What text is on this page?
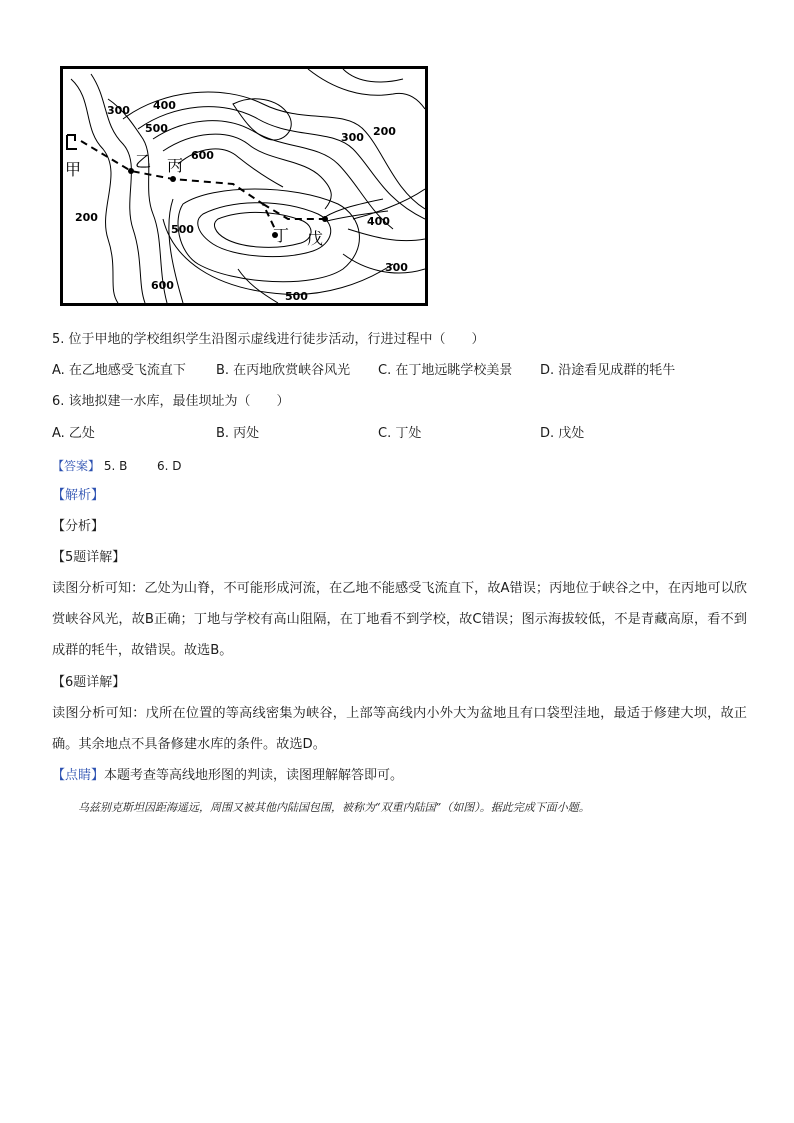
300 400
500
600
300 200
200
500
600
400
300
500
甲	乙 丙
丁 戊
5. 位于甲地的学校组织学生沿图示虚线进行徒步活动，行进过程中（　　）
A. 在乙地感受飞流直下 B. 在丙地欣赏峡谷风光 C. 在丁地远眺学校美景 D. 沿途看见成群的牦牛
6. 该地拟建一水库，最佳坝址为（　　）
A. 乙处	B. 丙处	C. 丁处	D. 戊处
【答案】 5. B 6. D
【解析】
【分析】
【5题详解】
读图分析可知：乙处为山脊，不可能形成河流，在乙地不能感受飞流直下，故A错误；丙地位于峡谷之中，在丙地可以欣赏峡谷风光，故B正确；丁地与学校有高山阻隔，在丁地看不到学校，故C错误；图示海拔较低，不是青藏高原，看不到成群的牦牛，故错误。故选B。
【6题详解】
读图分析可知：戊所在位置的等高线密集为峡谷，上部等高线内小外大为盆地且有口袋型洼地，最适于修建大坝，故正确。其余地点不具备修建水库的条件。故选D。
【点睛】本题考查等高线地形图的判读，读图理解解答即可。
乌兹别克斯坦因距海遥远，周围又被其他内陆国包围，被称为“双重内陆国”（如图）。据此完成下面小题。
